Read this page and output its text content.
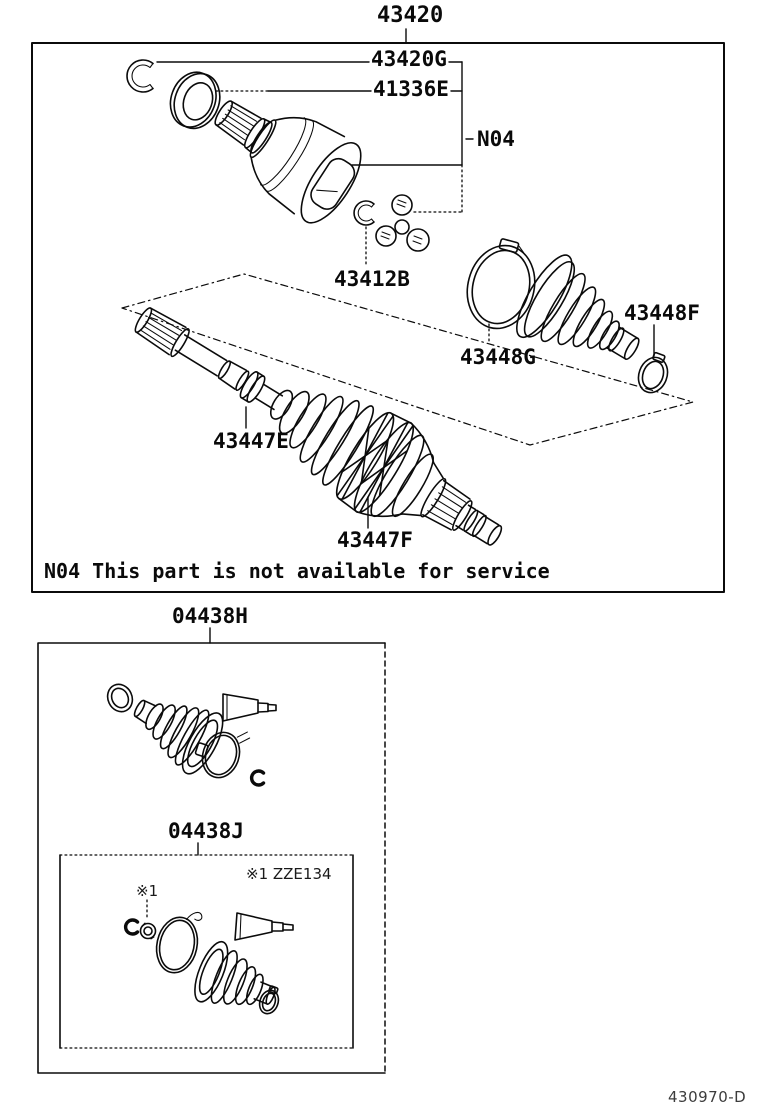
43420
43420G
41336E
N04
43412B
43448G
43448F
43447E
43447F
04438H
04438J
N04 This part is not available for service
※1 ZZE134
※1
430970-D
